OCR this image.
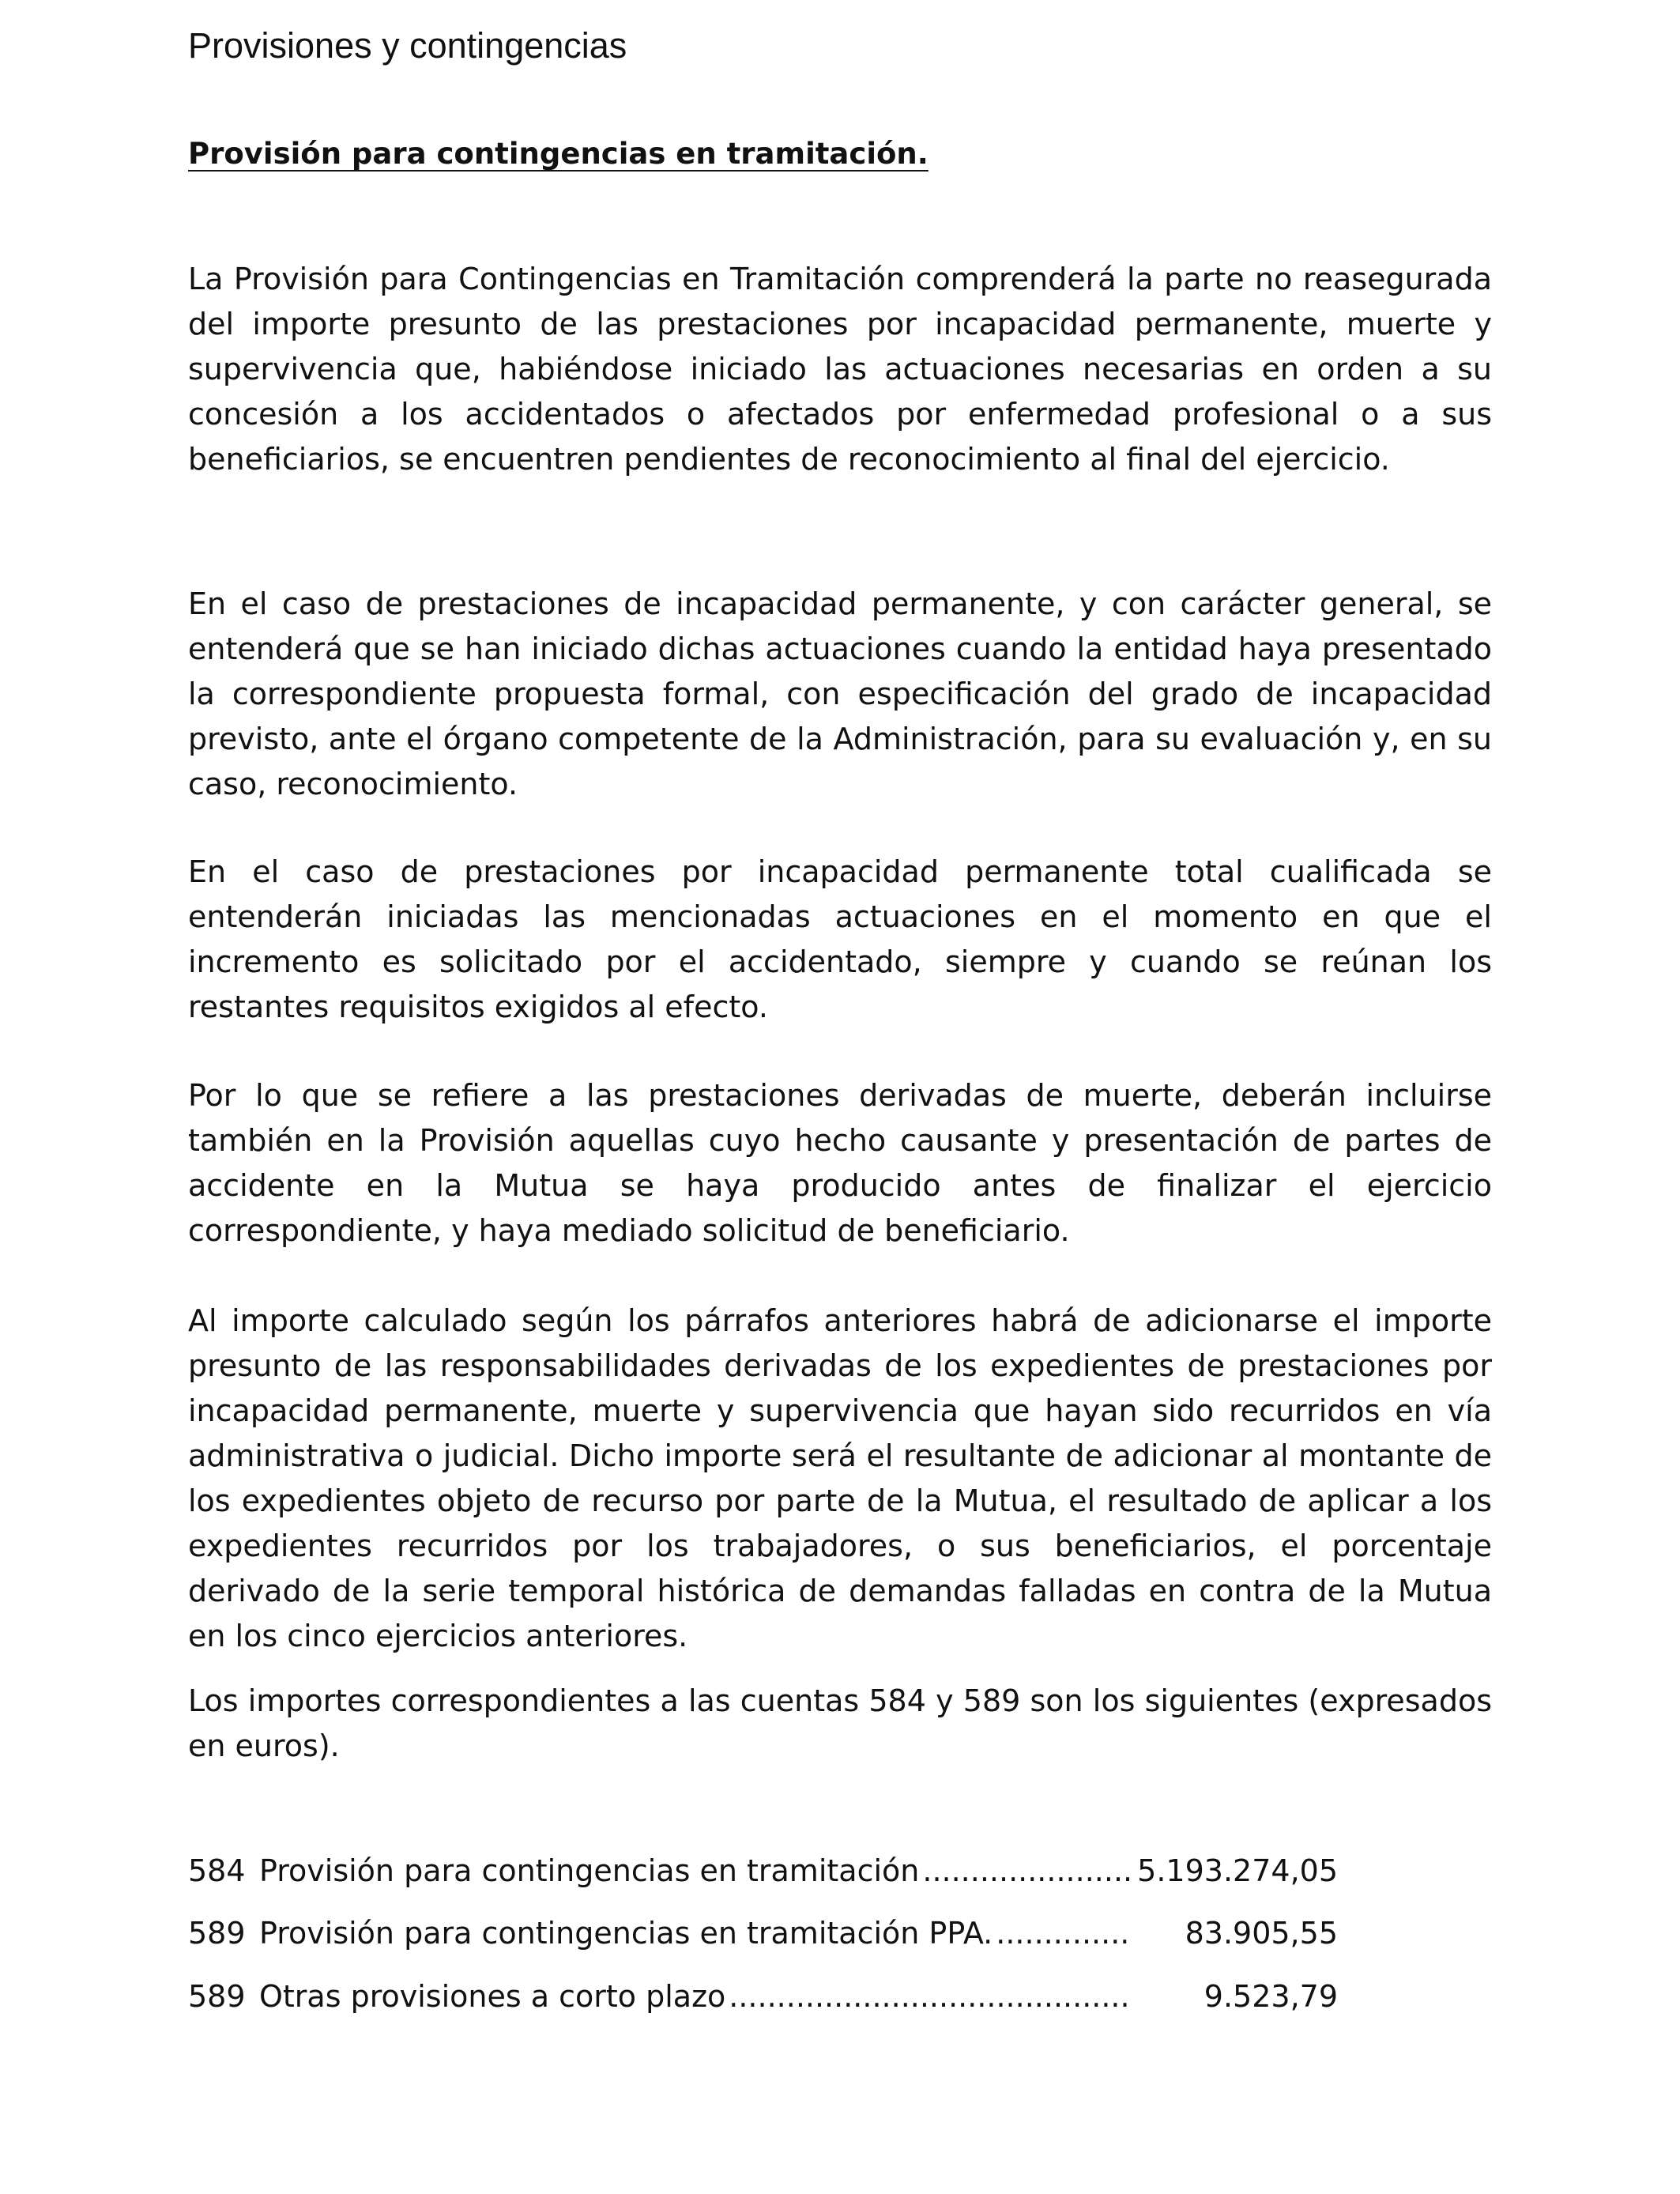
Provisiones y contingencias
Provisión para contingencias en tramitación.

La Provisión para Contingencias en Tramitación comprenderá la parte no reasegurada del importe presunto de las prestaciones por incapacidad permanente, muerte y supervivencia que, habiéndose iniciado las actuaciones necesarias en orden a su concesión a los accidentados o afectados por enfermedad profesional o a sus beneficiarios, se encuentren pendientes de reconocimiento al final del ejercicio.

En el caso de prestaciones de incapacidad permanente, y con carácter general, se entenderá que se han iniciado dichas actuaciones cuando la entidad haya presentado la correspondiente propuesta formal, con especificación del grado de incapacidad previsto, ante el órgano competente de la Administración, para su evaluación y, en su caso, reconocimiento.

En el caso de prestaciones por incapacidad permanente total cualificada se entenderán iniciadas las mencionadas actuaciones en el momento en que el incremento es solicitado por el accidentado, siempre y cuando se reúnan los restantes requisitos exigidos al efecto.

Por lo que se refiere a las prestaciones derivadas de muerte, deberán incluirse también en la Provisión aquellas cuyo hecho causante y presentación de partes de accidente en la Mutua se haya producido antes de finalizar el ejercicio correspondiente, y haya mediado solicitud de beneficiario.

Al importe calculado según los párrafos anteriores habrá de adicionarse el importe presunto de las responsabilidades derivadas de los expedientes de prestaciones por incapacidad permanente, muerte y supervivencia que hayan sido recurridos en vía administrativa o judicial. Dicho importe será el resultante de adicionar al montante de los expedientes objeto de recurso por parte de la Mutua, el resultado de aplicar a los expedientes recurridos por los trabajadores, o sus beneficiarios, el porcentaje derivado de la serie temporal histórica de demandas falladas en contra de la Mutua en los cinco ejercicios anteriores.

Los importes correspondientes a las cuentas 584 y 589 son los siguientes (expresados en euros).

584 Provisión para contingencias en tramitación .....	5.193.274,05
589 Provisión para contingencias en tramitación PPA. .....	83.905,55
589 Otras provisiones a corto plazo .....	9.523,79
